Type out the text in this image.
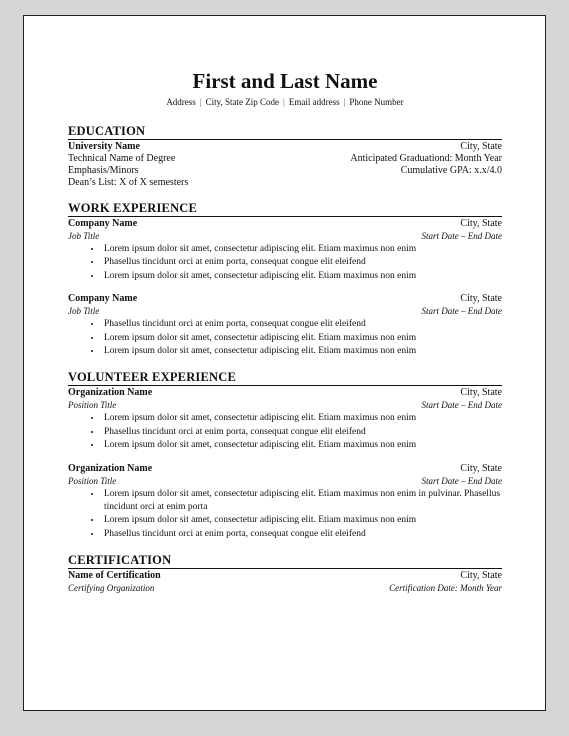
First and Last Name
Address | City, State Zip Code | Email address | Phone Number
EDUCATION
University Name	City, State
Technical Name of Degree	Anticipated Graduationd: Month Year
Emphasis/Minors	Cumulative GPA: x.x/4.0
Dean’s List: X of X semesters
WORK EXPERIENCE
Company Name	City, State
Job Title	Start Date – End Date
• Lorem ipsum dolor sit amet, consectetur adipiscing elit. Etiam maximus non enim
• Phasellus tincidunt orci at enim porta, consequat congue elit eleifend
• Lorem ipsum dolor sit amet, consectetur adipiscing elit. Etiam maximus non enim
Company Name	City, State
Job Title	Start Date – End Date
• Phasellus tincidunt orci at enim porta, consequat congue elit eleifend
• Lorem ipsum dolor sit amet, consectetur adipiscing elit. Etiam maximus non enim
• Lorem ipsum dolor sit amet, consectetur adipiscing elit. Etiam maximus non enim
VOLUNTEER EXPERIENCE
Organization Name	City, State
Position Title	Start Date – End Date
• Lorem ipsum dolor sit amet, consectetur adipiscing elit. Etiam maximus non enim
• Phasellus tincidunt orci at enim porta, consequat congue elit eleifend
• Lorem ipsum dolor sit amet, consectetur adipiscing elit. Etiam maximus non enim
Organization Name	City, State
Position Title	Start Date – End Date
• Lorem ipsum dolor sit amet, consectetur adipiscing elit. Etiam maximus non enim in pulvinar. Phasellus tincidunt orci at enim porta
• Lorem ipsum dolor sit amet, consectetur adipiscing elit. Etiam maximus non enim
• Phasellus tincidunt orci at enim porta, consequat congue elit eleifend
CERTIFICATION
Name of Certification	City, State
Certifying Organization	Certification Date: Month Year
